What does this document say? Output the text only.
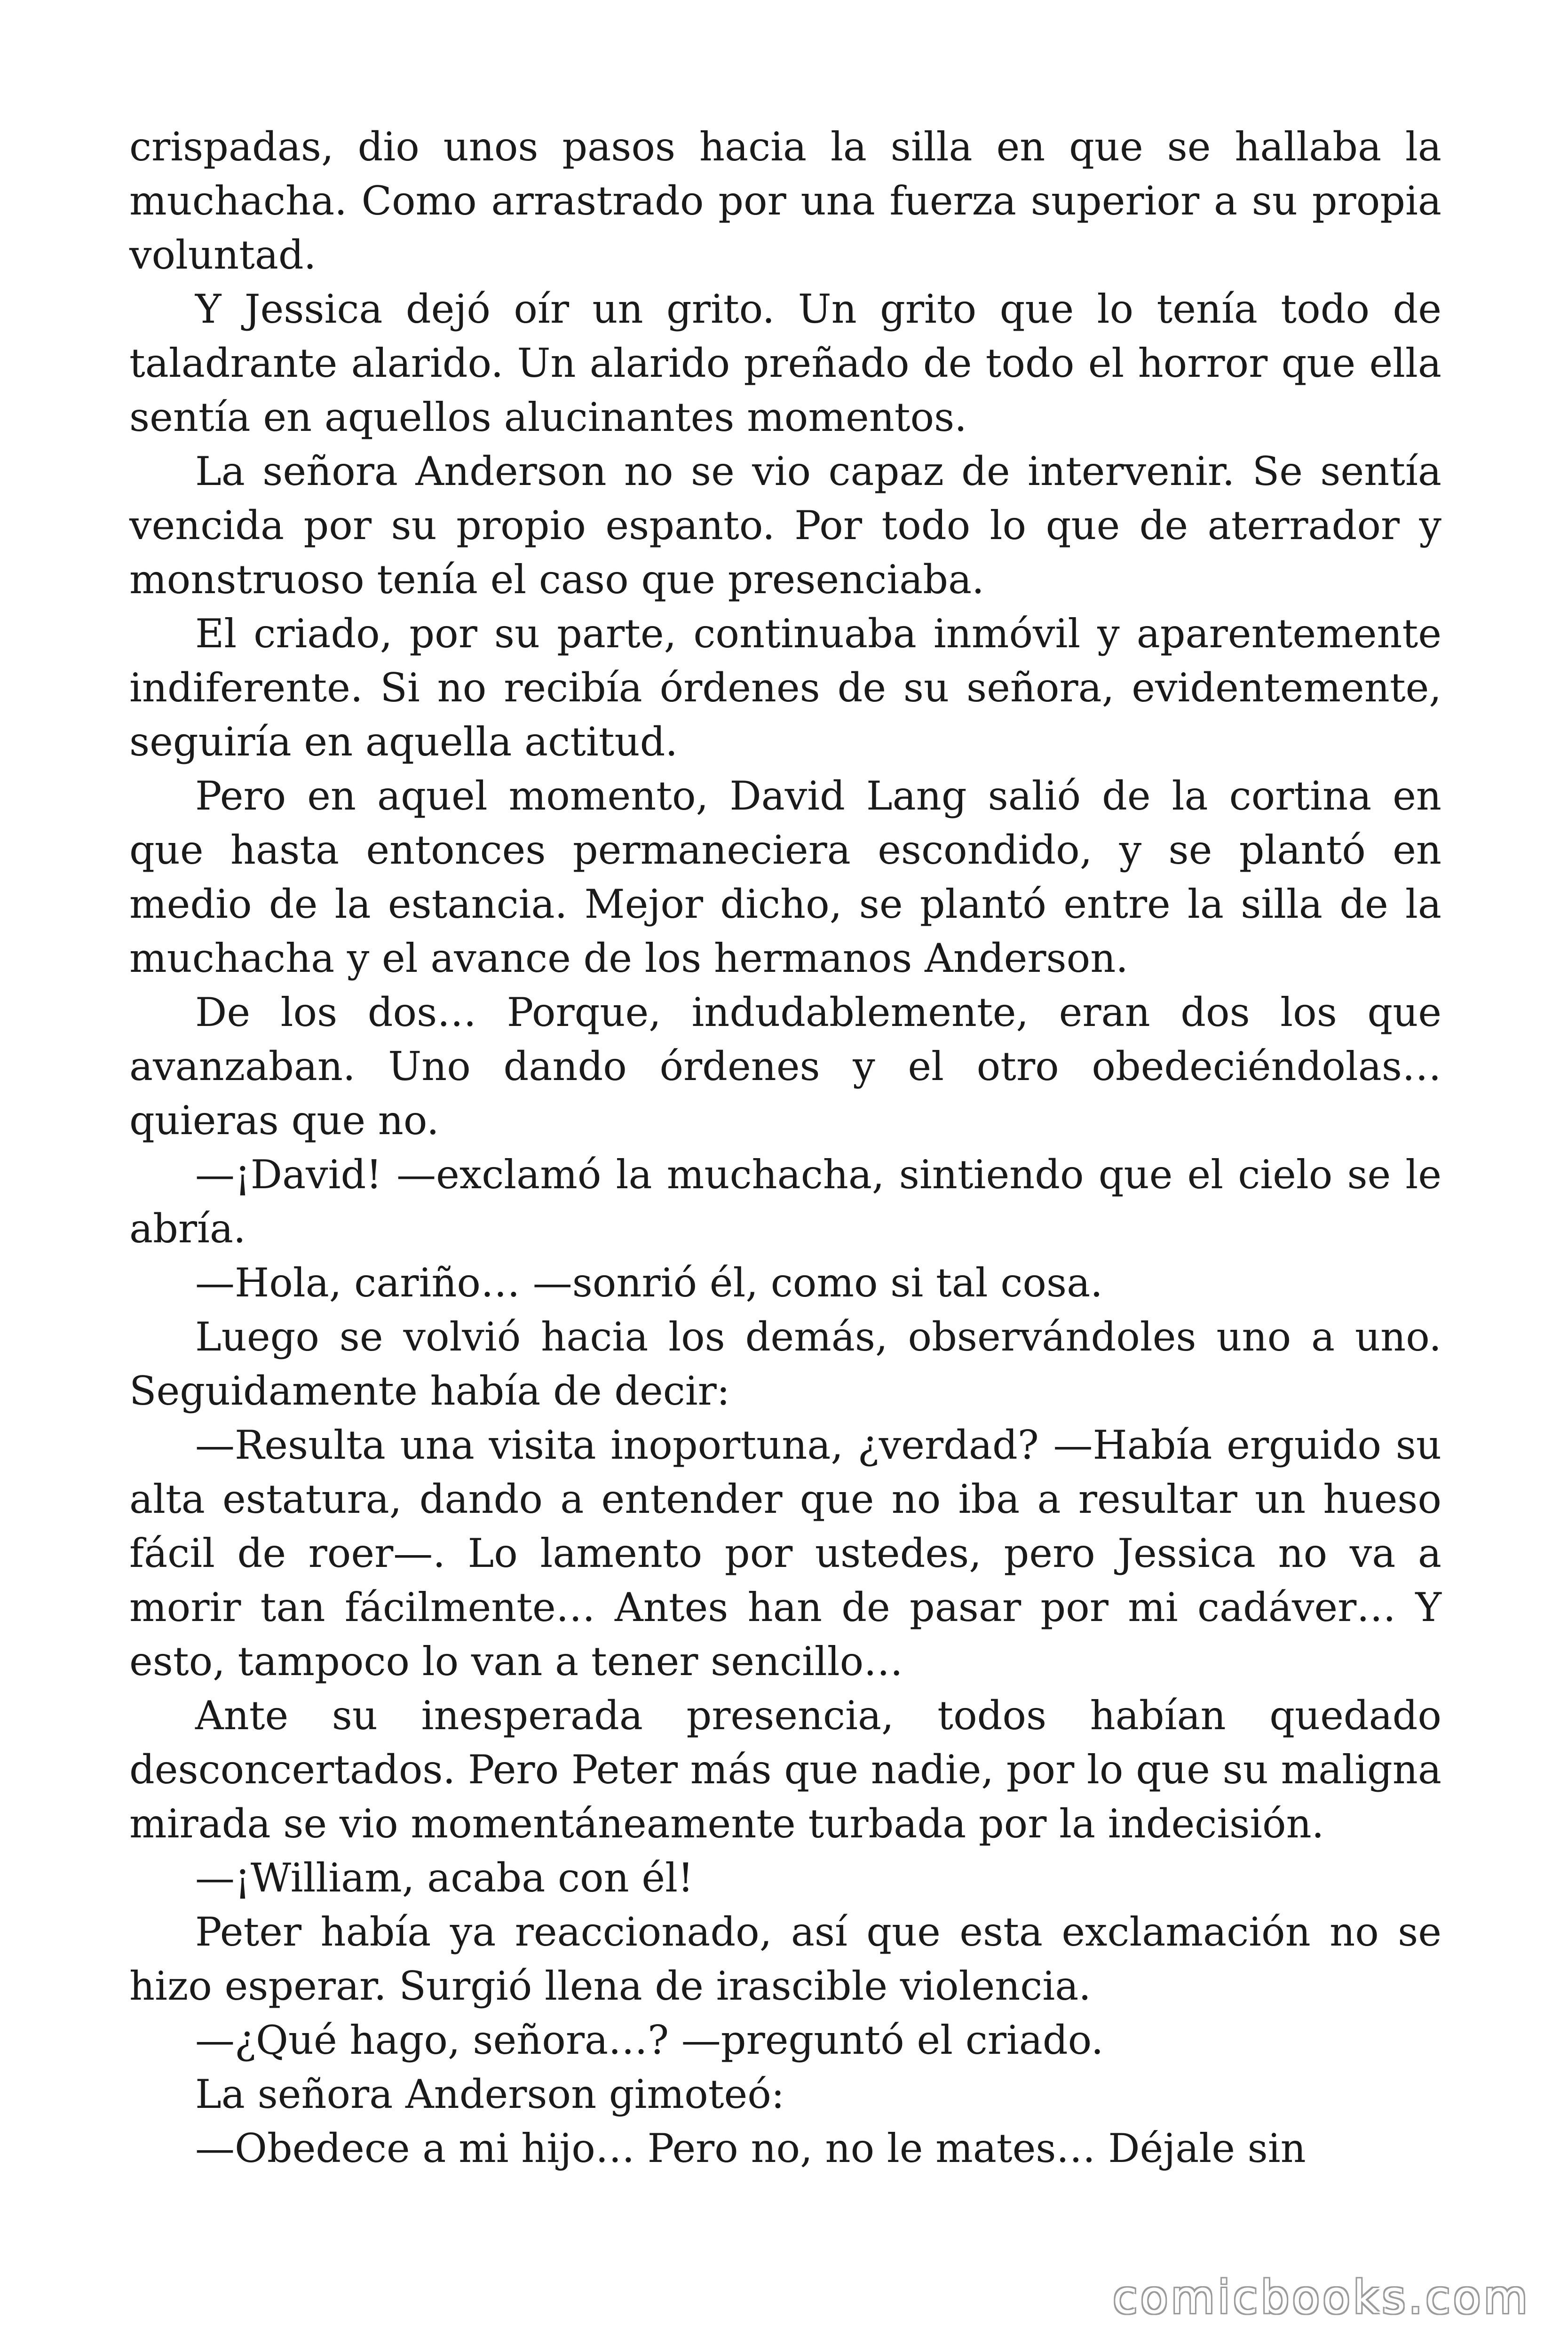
crispadas, dio unos pasos hacia la silla en que se hallaba la muchacha. Como arrastrado por una fuerza superior a su propia voluntad.

Y Jessica dejó oír un grito. Un grito que lo tenía todo de taladrante alarido. Un alarido preñado de todo el horror que ella sentía en aquellos alucinantes momentos.

La señora Anderson no se vio capaz de intervenir. Se sentía vencida por su propio espanto. Por todo lo que de aterrador y monstruoso tenía el caso que presenciaba.

El criado, por su parte, continuaba inmóvil y aparentemente indiferente. Si no recibía órdenes de su señora, evidentemente, seguiría en aquella actitud.

Pero en aquel momento, David Lang salió de la cortina en que hasta entonces permaneciera escondido, y se plantó en medio de la estancia. Mejor dicho, se plantó entre la silla de la muchacha y el avance de los hermanos Anderson.

De los dos… Porque, indudablemente, eran dos los que avanzaban. Uno dando órdenes y el otro obedeciéndolas… quieras que no.

—¡David! —exclamó la muchacha, sintiendo que el cielo se le abría.

—Hola, cariño… —sonrió él, como si tal cosa.

Luego se volvió hacia los demás, observándoles uno a uno. Seguidamente había de decir:

—Resulta una visita inoportuna, ¿verdad? —Había erguido su alta estatura, dando a entender que no iba a resultar un hueso fácil de roer—. Lo lamento por ustedes, pero Jessica no va a morir tan fácilmente… Antes han de pasar por mi cadáver… Y esto, tampoco lo van a tener sencillo…

Ante su inesperada presencia, todos habían quedado desconcertados. Pero Peter más que nadie, por lo que su maligna mirada se vio momentáneamente turbada por la indecisión.

—¡William, acaba con él!

Peter había ya reaccionado, así que esta exclamación no se hizo esperar. Surgió llena de irascible violencia.

—¿Qué hago, señora…? —preguntó el criado.

La señora Anderson gimoteó:

—Obedece a mi hijo… Pero no, no le mates… Déjale sin

comicbooks.com
